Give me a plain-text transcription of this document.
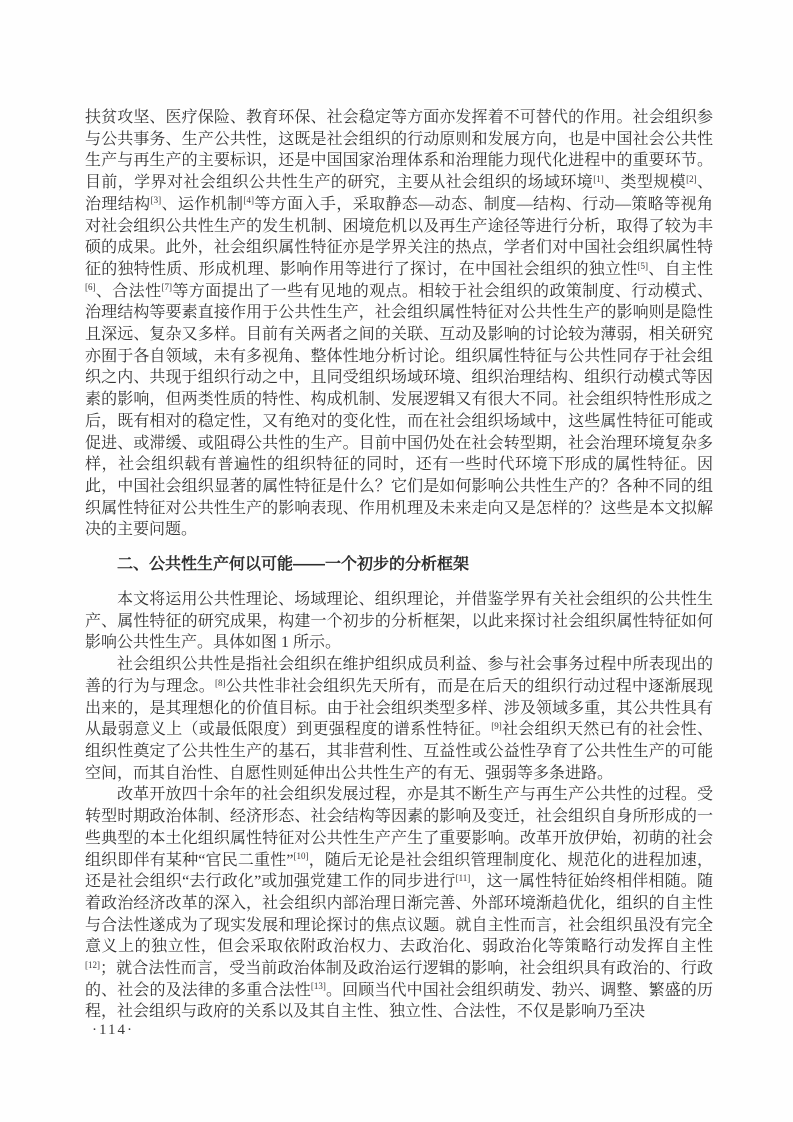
扶贫攻坚、医疗保险、教育环保、社会稳定等方面亦发挥着不可替代的作用。社会组织参与公共事务、生产公共性，这既是社会组织的行动原则和发展方向，也是中国社会公共性生产与再生产的主要标识，还是中国国家治理体系和治理能力现代化进程中的重要环节。目前，学界对社会组织公共性生产的研究，主要从社会组织的场域环境[1]、类型规模[2]、治理结构[3]、运作机制[4]等方面入手，采取静态—动态、制度—结构、行动—策略等视角对社会组织公共性生产的发生机制、困境危机以及再生产途径等进行分析，取得了较为丰硕的成果。此外，社会组织属性特征亦是学界关注的热点，学者们对中国社会组织属性特征的独特性质、形成机理、影响作用等进行了探讨，在中国社会组织的独立性[5]、自主性[6]、合法性[7]等方面提出了一些有见地的观点。相较于社会组织的政策制度、行动模式、治理结构等要素直接作用于公共性生产，社会组织属性特征对公共性生产的影响则是隐性且深远、复杂又多样。目前有关两者之间的关联、互动及影响的讨论较为薄弱，相关研究亦囿于各自领域，未有多视角、整体性地分析讨论。组织属性特征与公共性同存于社会组织之内、共现于组织行动之中，且同受组织场域环境、组织治理结构、组织行动模式等因素的影响，但两类性质的特性、构成机制、发展逻辑又有很大不同。社会组织特性形成之后，既有相对的稳定性，又有绝对的变化性，而在社会组织场域中，这些属性特征可能或促进、或滞缓、或阻碍公共性的生产。目前中国仍处在社会转型期，社会治理环境复杂多样，社会组织载有普遍性的组织特征的同时，还有一些时代环境下形成的属性特征。因此，中国社会组织显著的属性特征是什么？它们是如何影响公共性生产的？各种不同的组织属性特征对公共性生产的影响表现、作用机理及未来走向又是怎样的？这些是本文拟解决的主要问题。

二、公共性生产何以可能——一个初步的分析框架

本文将运用公共性理论、场域理论、组织理论，并借鉴学界有关社会组织的公共性生产、属性特征的研究成果，构建一个初步的分析框架，以此来探讨社会组织属性特征如何影响公共性生产。具体如图 1 所示。

社会组织公共性是指社会组织在维护组织成员利益、参与社会事务过程中所表现出的善的行为与理念。[8]公共性非社会组织先天所有，而是在后天的组织行动过程中逐渐展现出来的，是其理想化的价值目标。由于社会组织类型多样、涉及领域多重，其公共性具有从最弱意义上（或最低限度）到更强程度的谱系性特征。[9]社会组织天然已有的社会性、组织性奠定了公共性生产的基石，其非营利性、互益性或公益性孕育了公共性生产的可能空间，而其自治性、自愿性则延伸出公共性生产的有无、强弱等多条进路。

改革开放四十余年的社会组织发展过程，亦是其不断生产与再生产公共性的过程。受转型时期政治体制、经济形态、社会结构等因素的影响及变迁，社会组织自身所形成的一些典型的本土化组织属性特征对公共性生产产生了重要影响。改革开放伊始，初萌的社会组织即伴有某种“官民二重性”[10]，随后无论是社会组织管理制度化、规范化的进程加速，还是社会组织“去行政化”或加强党建工作的同步进行[11]，这一属性特征始终相伴相随。随着政治经济改革的深入，社会组织内部治理日渐完善、外部环境渐趋优化，组织的自主性与合法性遂成为了现实发展和理论探讨的焦点议题。就自主性而言，社会组织虽没有完全意义上的独立性，但会采取依附政治权力、去政治化、弱政治化等策略行动发挥自主性[12]；就合法性而言，受当前政治体制及政治运行逻辑的影响，社会组织具有政治的、行政的、社会的及法律的多重合法性[13]。回顾当代中国社会组织萌发、勃兴、调整、繁盛的历程，社会组织与政府的关系以及其自主性、独立性、合法性，不仅是影响乃至决

·114·
